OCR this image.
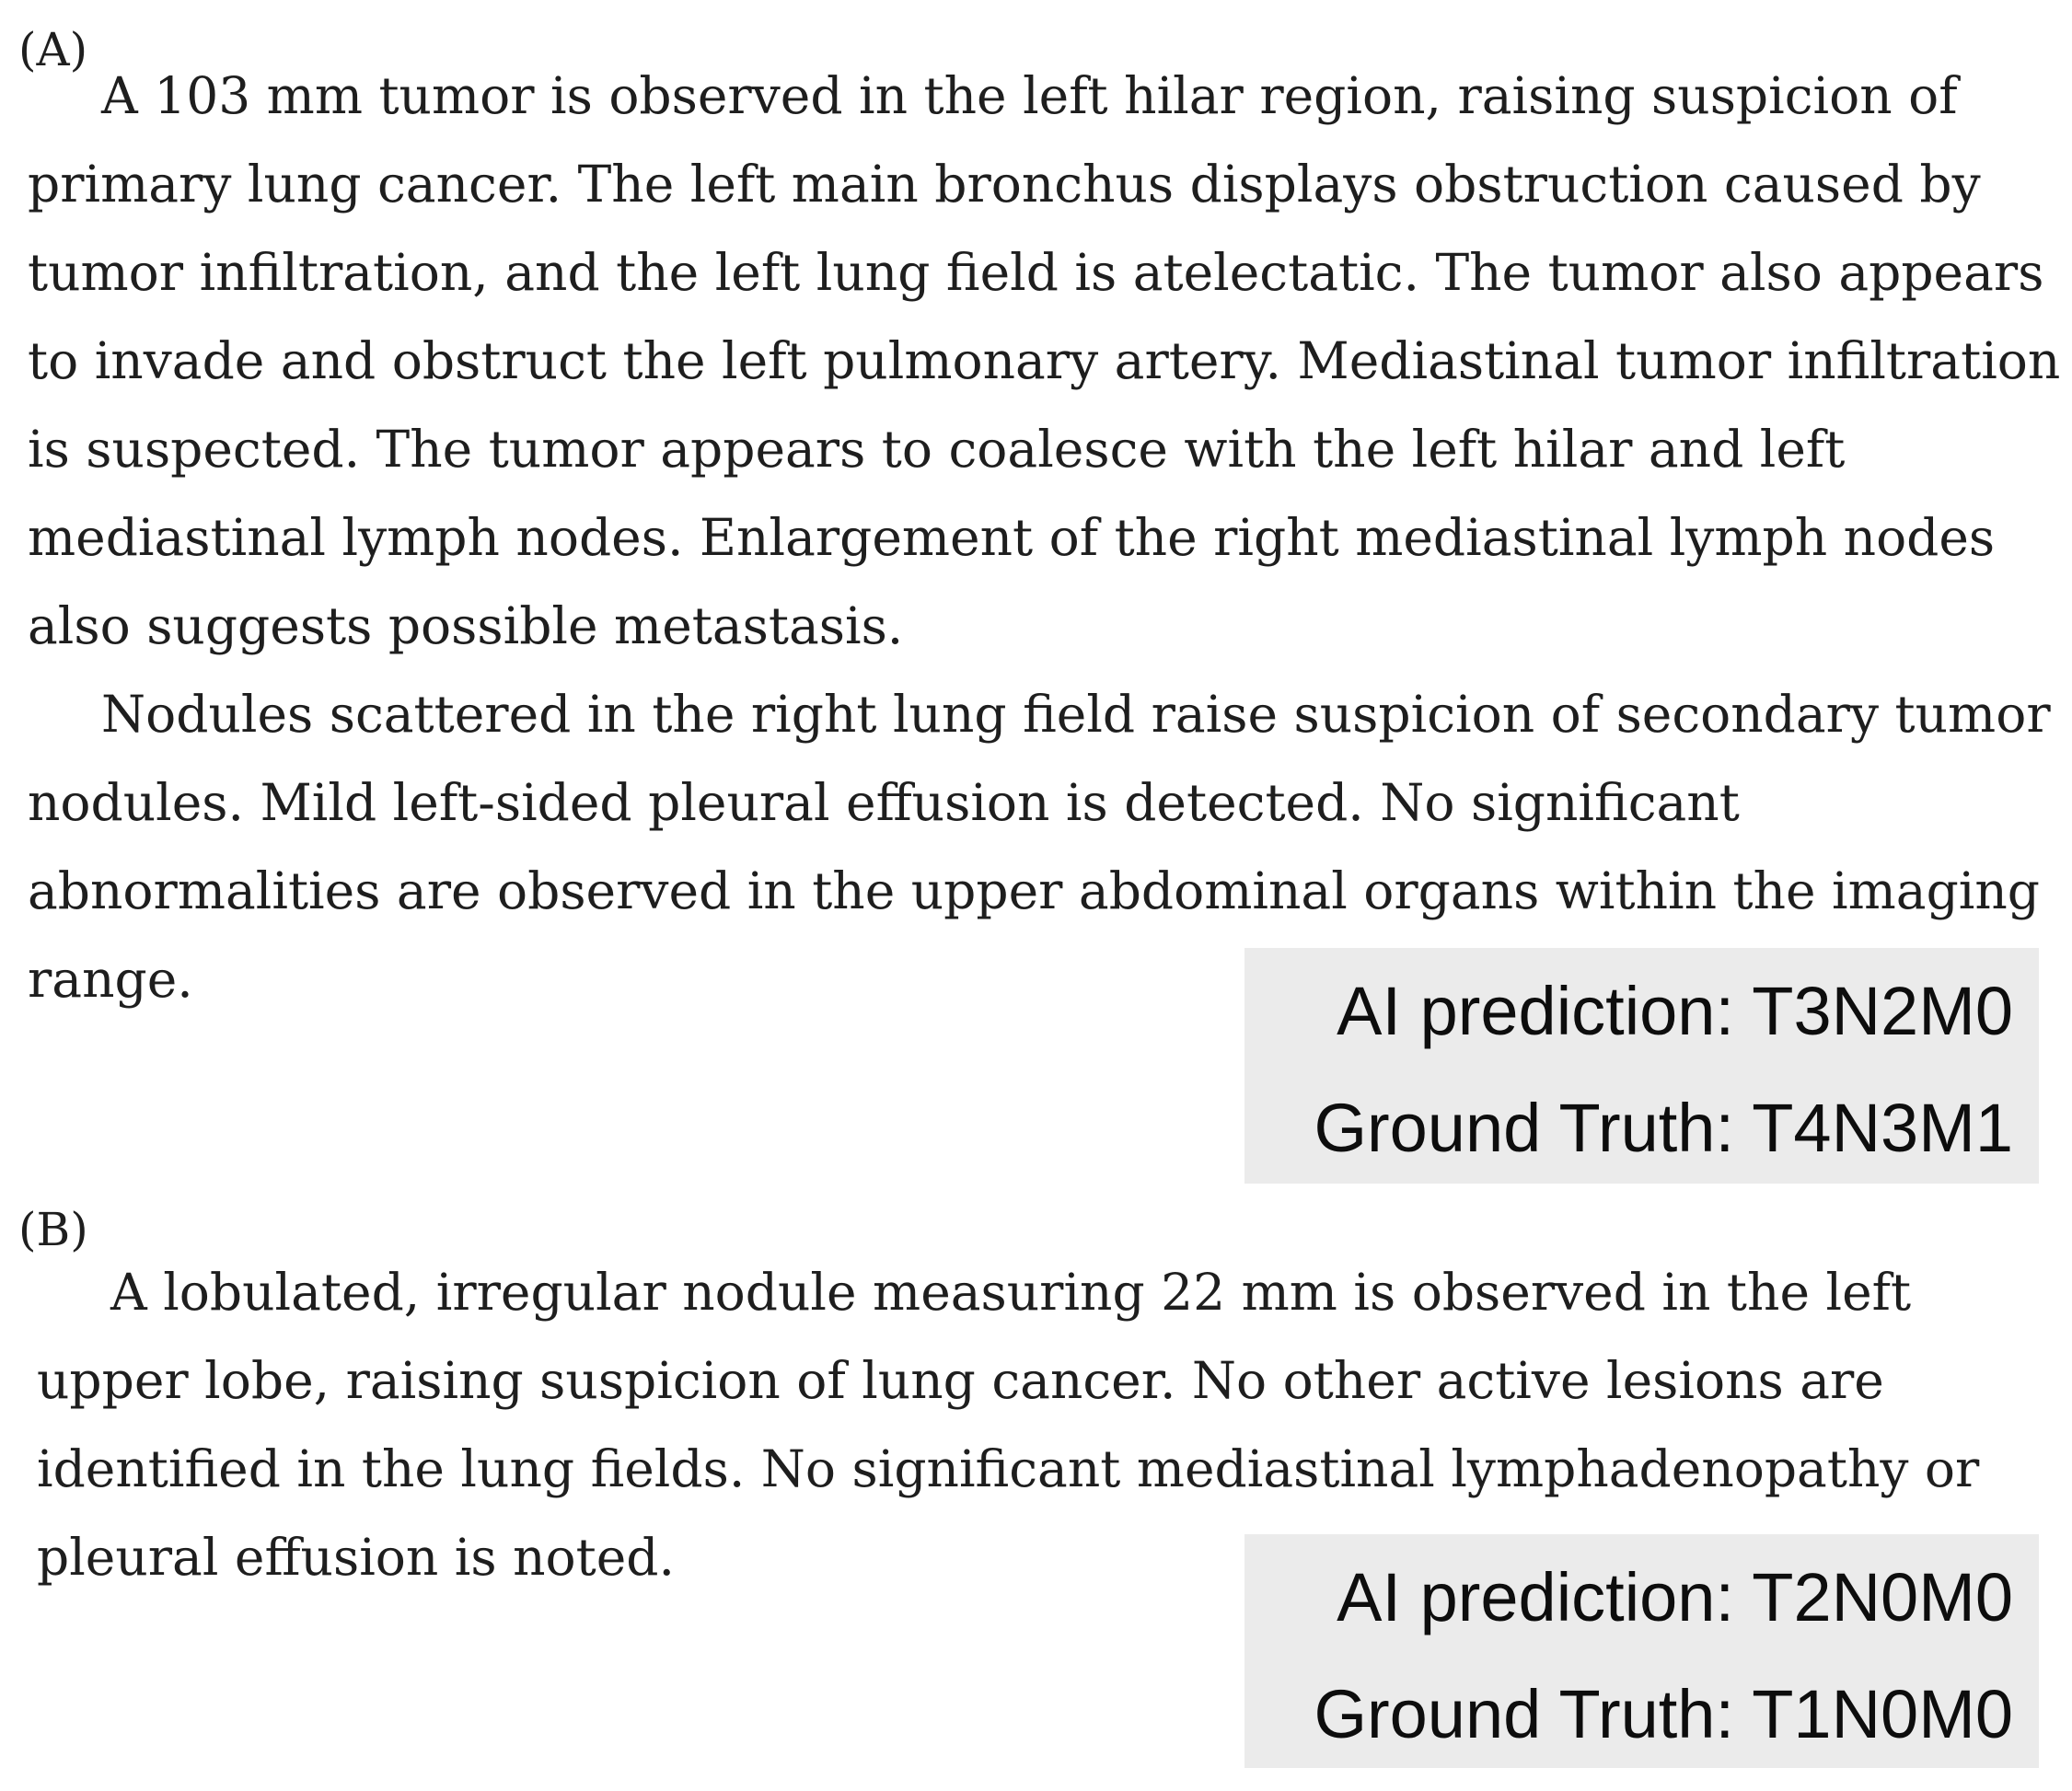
(A)

A 103 mm tumor is observed in the left hilar region, raising suspicion of primary lung cancer. The left main bronchus displays obstruction caused by tumor infiltration, and the left lung field is atelectatic. The tumor also appears to invade and obstruct the left pulmonary artery. Mediastinal tumor infiltration is suspected. The tumor appears to coalesce with the left hilar and left mediastinal lymph nodes. Enlargement of the right mediastinal lymph nodes also suggests possible metastasis.

Nodules scattered in the right lung field raise suspicion of secondary tumor nodules. Mild left-sided pleural effusion is detected. No significant abnormalities are observed in the upper abdominal organs within the imaging range.	AI prediction: T3N2M0
Ground Truth: T4N3M1
(B)

A lobulated, irregular nodule measuring 22 mm is observed in the left upper lobe, raising suspicion of lung cancer. No other active lesions are identified in the lung fields. No significant mediastinal lymphadenopathy or pleural effusion is noted.

AI prediction: T2N0M0
Ground Truth: T1N0M0
